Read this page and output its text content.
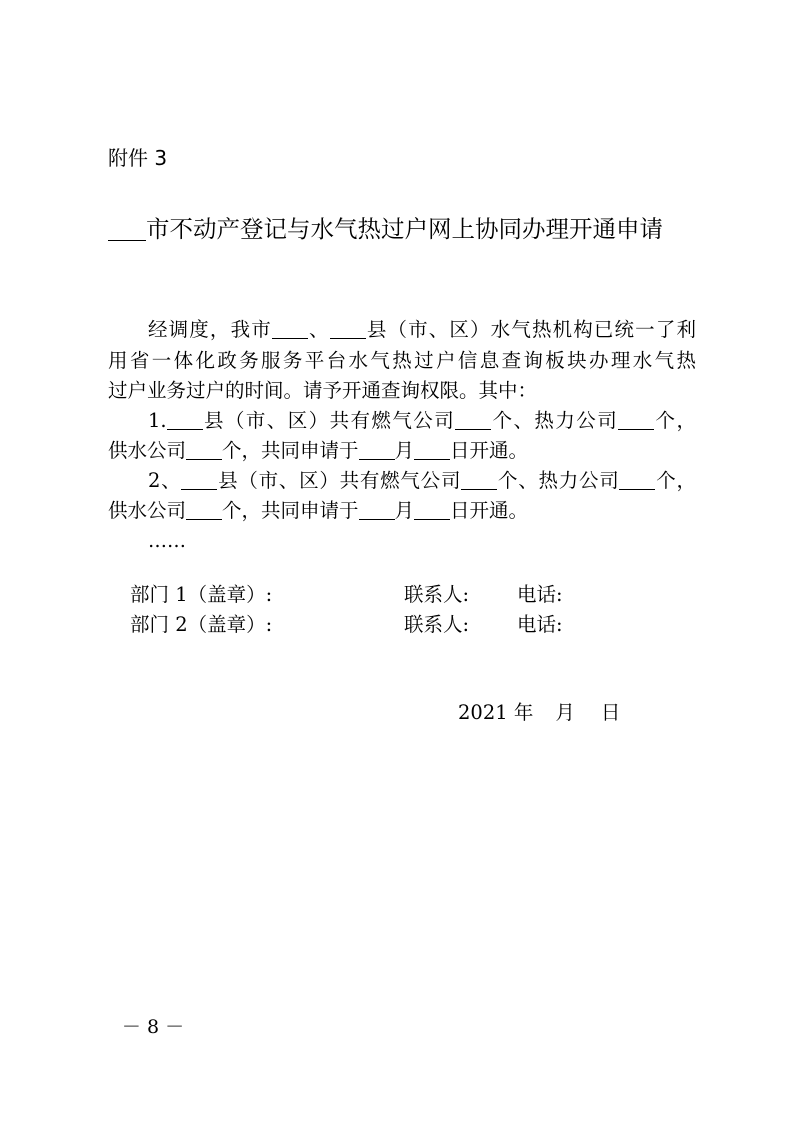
附件 3
市不动产登记与水气热过户网上协同办理开通申请
经调度，我市 、 县（市、区）水气热机构已统一了利
用省一体化政务服务平台水气热过户信息查询板块办理水气热
过户业务过户的时间。请予开通查询权限。其中：
1. 县（市、区）共有燃气公司 个、热力公司 个，
供水公司 个，共同申请于 月 日开通。
2、 县（市、区）共有燃气公司 个、热力公司 个，
供水公司 个，共同申请于 月 日开通。
……
部门 1（盖章）:	联系人: 电话:
部门 2（盖章）:	联系人: 电话:
2021 年 月 日
－ 8 －
